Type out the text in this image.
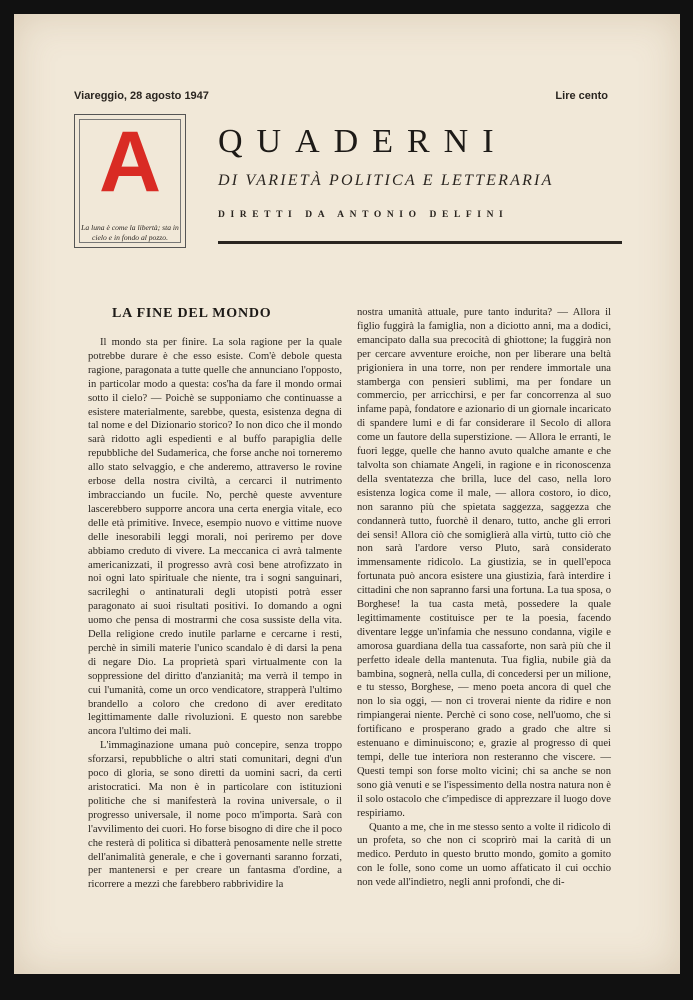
Viareggio, 28 agosto 1947	Lire cento
A
La luna è come la libertà; sta in cielo e in fondo al pozzo.
QUADERNI
DI VARIETÀ POLITICA E LETTERARIA
DIRETTI DA ANTONIO DELFINI
LA FINE DEL MONDO

Il mondo sta per finire. La sola ragione per la quale potrebbe durare è che esso esiste. Com'è debole questa ragione, paragonata a tutte quelle che annunciano l'opposto, in particolar modo a questa: cos'ha da fare il mondo ormai sotto il cielo? — Poichè se supponiamo che continuasse a esistere materialmente, sarebbe, questa, esistenza degna di tal nome e del Dizionario storico? Io non dico che il mondo sarà ridotto agli espedienti e al buffo parapiglia delle repubbliche del Sudamerica, che forse anche noi torneremo allo stato selvaggio, e che anderemo, attraverso le rovine erbose della nostra civiltà, a cercarci il nutrimento imbracciando un fucile. No, perchè queste avventure lascerebbero supporre ancora una certa energia vitale, eco delle età primitive. Invece, esempio nuovo e vittime nuove delle inesorabili leggi morali, noi periremo per dove abbiamo creduto di vivere. La meccanica ci avrà talmente americanizzati, il progresso avrà così bene atrofizzato in noi ogni lato spirituale che niente, tra i sogni sanguinari, sacrileghi o antinaturali degli utopisti potrà esser paragonato ai suoi risultati positivi. Io domando a ogni uomo che pensa di mostrarmi che cosa sussiste della vita. Della religione credo inutile parlarne e cercarne i resti, perchè in simili materie l'unico scandalo è di darsi la pena di negare Dio. La proprietà sparì virtualmente con la soppressione del diritto d'anzianità; ma verrà il tempo in cui l'umanità, come un orco vendicatore, strapperà l'ultimo brandello a coloro che credono di aver ereditato legittimamente dalle rivoluzioni. E questo non sarebbe ancora l'ultimo dei mali.

L'immaginazione umana può concepire, senza troppo sforzarsi, repubbliche o altri stati comunitari, degni d'un poco di gloria, se sono diretti da uomini sacri, da certi aristocratici. Ma non è in particolare con istituzioni politiche che si manifesterà la rovina universale, o il progresso universale, il nome poco m'importa. Sarà con l'avvilimento dei cuori. Ho forse bisogno di dire che il poco che resterà di politica si dibatterà penosamente nelle strette dell'animalità generale, e che i governanti saranno forzati, per mantenersi e per creare un fantasma d'ordine, a ricorrere a mezzi che farebbero rabbrividire la

nostra umanità attuale, pure tanto indurita? — Allora il figlio fuggirà la famiglia, non a diciotto anni, ma a dodici, emancipato dalla sua precocità di ghiottone; la fuggirà non per cercare avventure eroiche, non per liberare una beltà prigioniera in una torre, non per rendere immortale una stamberga con pensieri sublimi, ma per fondare un commercio, per arricchirsi, e per far concorrenza al suo infame papà, fondatore e azionario di un giornale incaricato di spandere lumi e di far considerare il Secolo di allora come un fautore della superstizione. — Allora le erranti, le fuori legge, quelle che hanno avuto qualche amante e che talvolta son chiamate Angeli, in ragione e in riconoscenza della sventatezza che brilla, luce del caso, nella loro esistenza logica come il male, — allora costoro, io dico, non saranno più che spietata saggezza, saggezza che condannerà tutto, fuorchè il denaro, tutto, anche gli errori dei sensi! Allora ciò che somiglierà alla virtù, tutto ciò che non sarà l'ardore verso Pluto, sarà considerato immensamente ridicolo. La giustizia, se in quell'epoca fortunata può ancora esistere una giustizia, farà interdire i cittadini che non sapranno farsi una fortuna. La tua sposa, o Borghese! la tua casta metà, possedere la quale legittimamente costituisce per te la poesia, facendo diventare legge un'infamia che nessuno condanna, vigile e amorosa guardiana della tua cassaforte, non sarà più che il perfetto ideale della mantenuta. Tua figlia, nubile già da bambina, sognerà, nella culla, di concedersi per un milione, e tu stesso, Borghese, — meno poeta ancora di quel che non lo sia oggi, — non ci troverai niente da ridire e non rimpiangerai niente. Perchè ci sono cose, nell'uomo, che si fortificano e prosperano grado a grado che altre si estenuano e diminuiscono; e, grazie al progresso di quei tempi, delle tue interiora non resteranno che viscere. — Questi tempi son forse molto vicini; chi sa anche se non sono già venuti e se l'ispessimento della nostra natura non è il solo ostacolo che c'impedisce di apprezzare il luogo dove respiriamo.

Quanto a me, che in me stesso sento a volte il ridicolo di un profeta, so che non ci scoprirò mai la carità di un medico. Perduto in questo brutto mondo, gomito a gomito con le folle, sono come un uomo affaticato il cui occhio non vede all'indietro, negli anni profondi, che di-
